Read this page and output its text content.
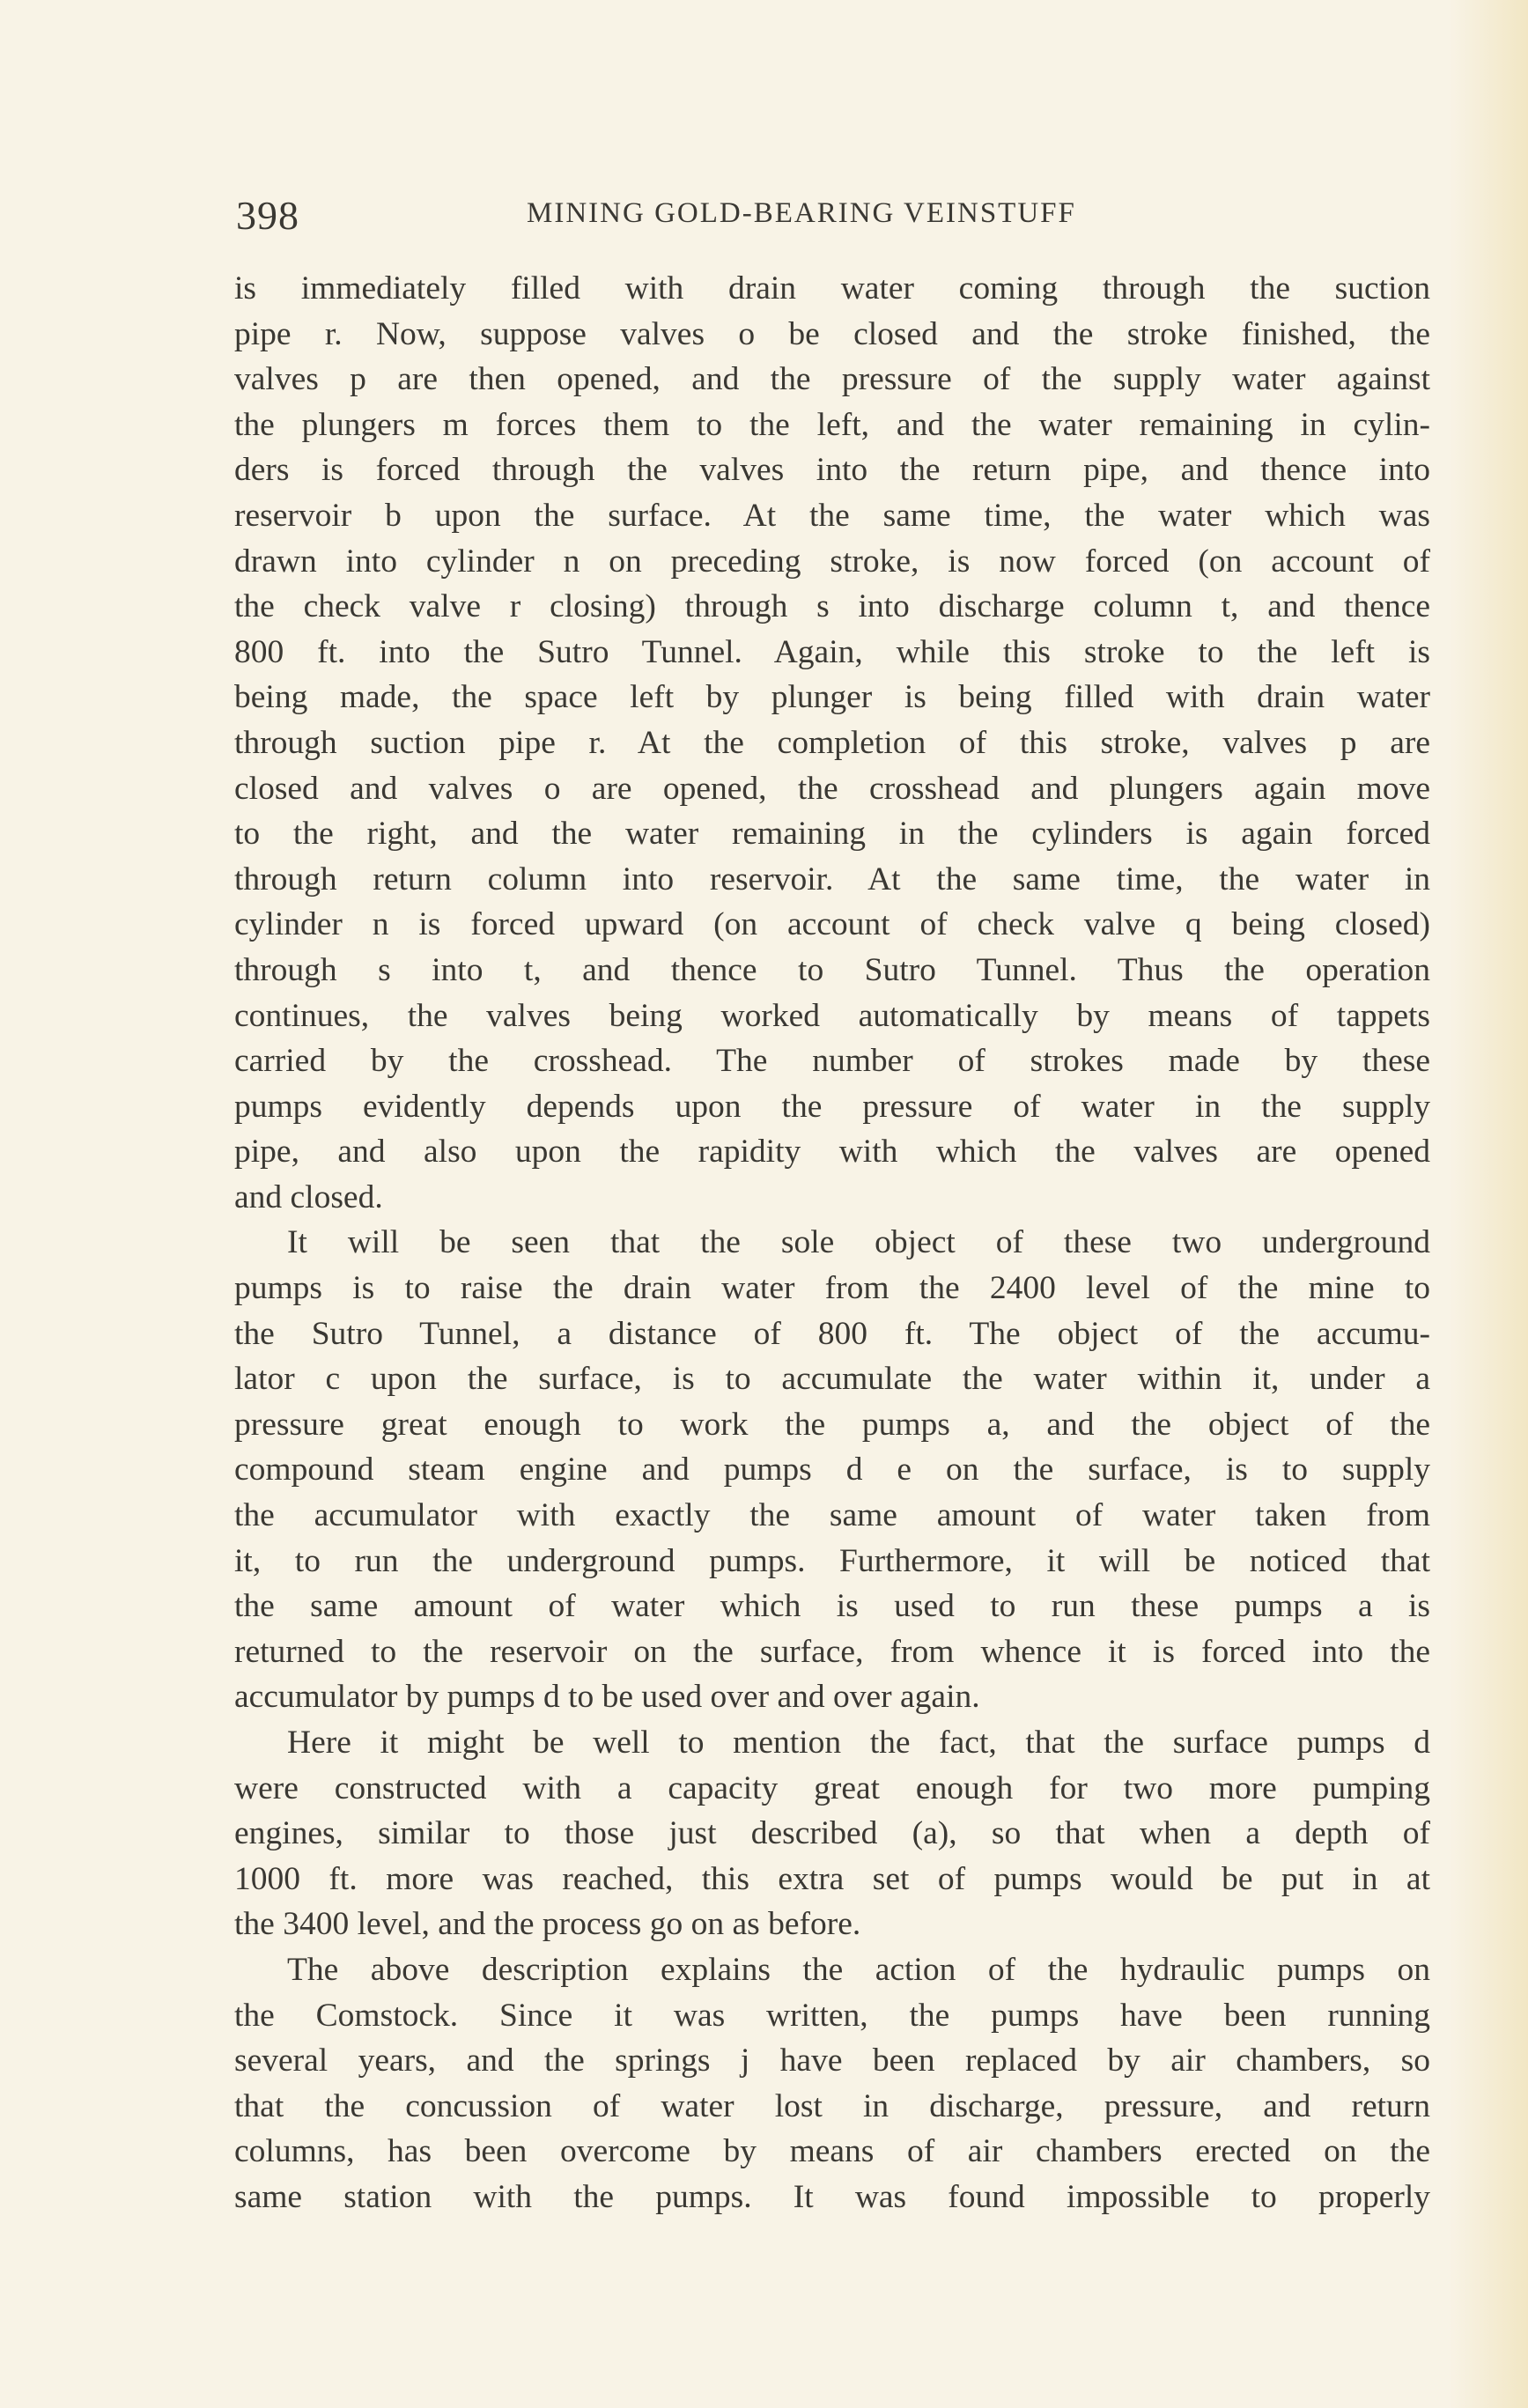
398	MINING GOLD-BEARING VEINSTUFF
is immediately filled with drain water coming through the suction
pipe r. Now, suppose valves o be closed and the stroke finished, the
valves p are then opened, and the pressure of the supply water against
the plungers m forces them to the left, and the water remaining in cylin-
ders is forced through the valves into the return pipe, and thence into
reservoir b upon the surface. At the same time, the water which was
drawn into cylinder n on preceding stroke, is now forced (on account of
the check valve r closing) through s into discharge column t, and thence
800 ft. into the Sutro Tunnel. Again, while this stroke to the left is
being made, the space left by plunger is being filled with drain water
through suction pipe r. At the completion of this stroke, valves p are
closed and valves o are opened, the crosshead and plungers again move
to the right, and the water remaining in the cylinders is again forced
through return column into reservoir. At the same time, the water in
cylinder n is forced upward (on account of check valve q being closed)
through s into t, and thence to Sutro Tunnel. Thus the operation
continues, the valves being worked automatically by means of tappets
carried by the crosshead. The number of strokes made by these
pumps evidently depends upon the pressure of water in the supply
pipe, and also upon the rapidity with which the valves are opened
and closed.
It will be seen that the sole object of these two underground
pumps is to raise the drain water from the 2400 level of the mine to
the Sutro Tunnel, a distance of 800 ft. The object of the accumu-
lator c upon the surface, is to accumulate the water within it, under a
pressure great enough to work the pumps a, and the object of the
compound steam engine and pumps d e on the surface, is to supply
the accumulator with exactly the same amount of water taken from
it, to run the underground pumps. Furthermore, it will be noticed that
the same amount of water which is used to run these pumps a is
returned to the reservoir on the surface, from whence it is forced into the
accumulator by pumps d to be used over and over again.
Here it might be well to mention the fact, that the surface pumps d
were constructed with a capacity great enough for two more pumping
engines, similar to those just described (a), so that when a depth of
1000 ft. more was reached, this extra set of pumps would be put in at
the 3400 level, and the process go on as before.
The above description explains the action of the hydraulic pumps on
the Comstock. Since it was written, the pumps have been running
several years, and the springs j have been replaced by air chambers, so
that the concussion of water lost in discharge, pressure, and return
columns, has been overcome by means of air chambers erected on the
same station with the pumps. It was found impossible to properly
